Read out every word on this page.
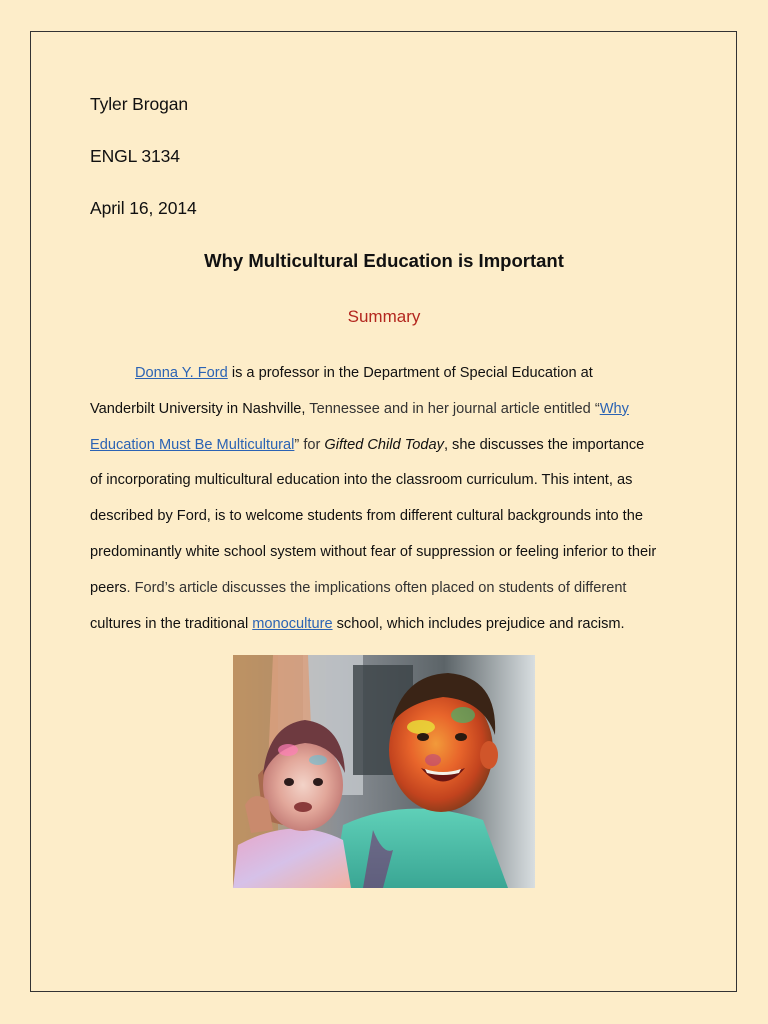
Tyler Brogan
ENGL 3134
April 16, 2014
Why Multicultural Education is Important
Summary

Donna Y. Ford is a professor in the Department of Special Education at
Vanderbilt University in Nashville, Tennessee and in her journal article entitled “Why
Education Must Be Multicultural” for Gifted Child Today, she discusses the importance
of incorporating multicultural education into the classroom curriculum. This intent, as
described by Ford, is to welcome students from different cultural backgrounds into the
predominantly white school system without fear of suppression or feeling inferior to their
peers. Ford’s article discusses the implications often placed on students of different
cultures in the traditional monoculture school, which includes prejudice and racism.
